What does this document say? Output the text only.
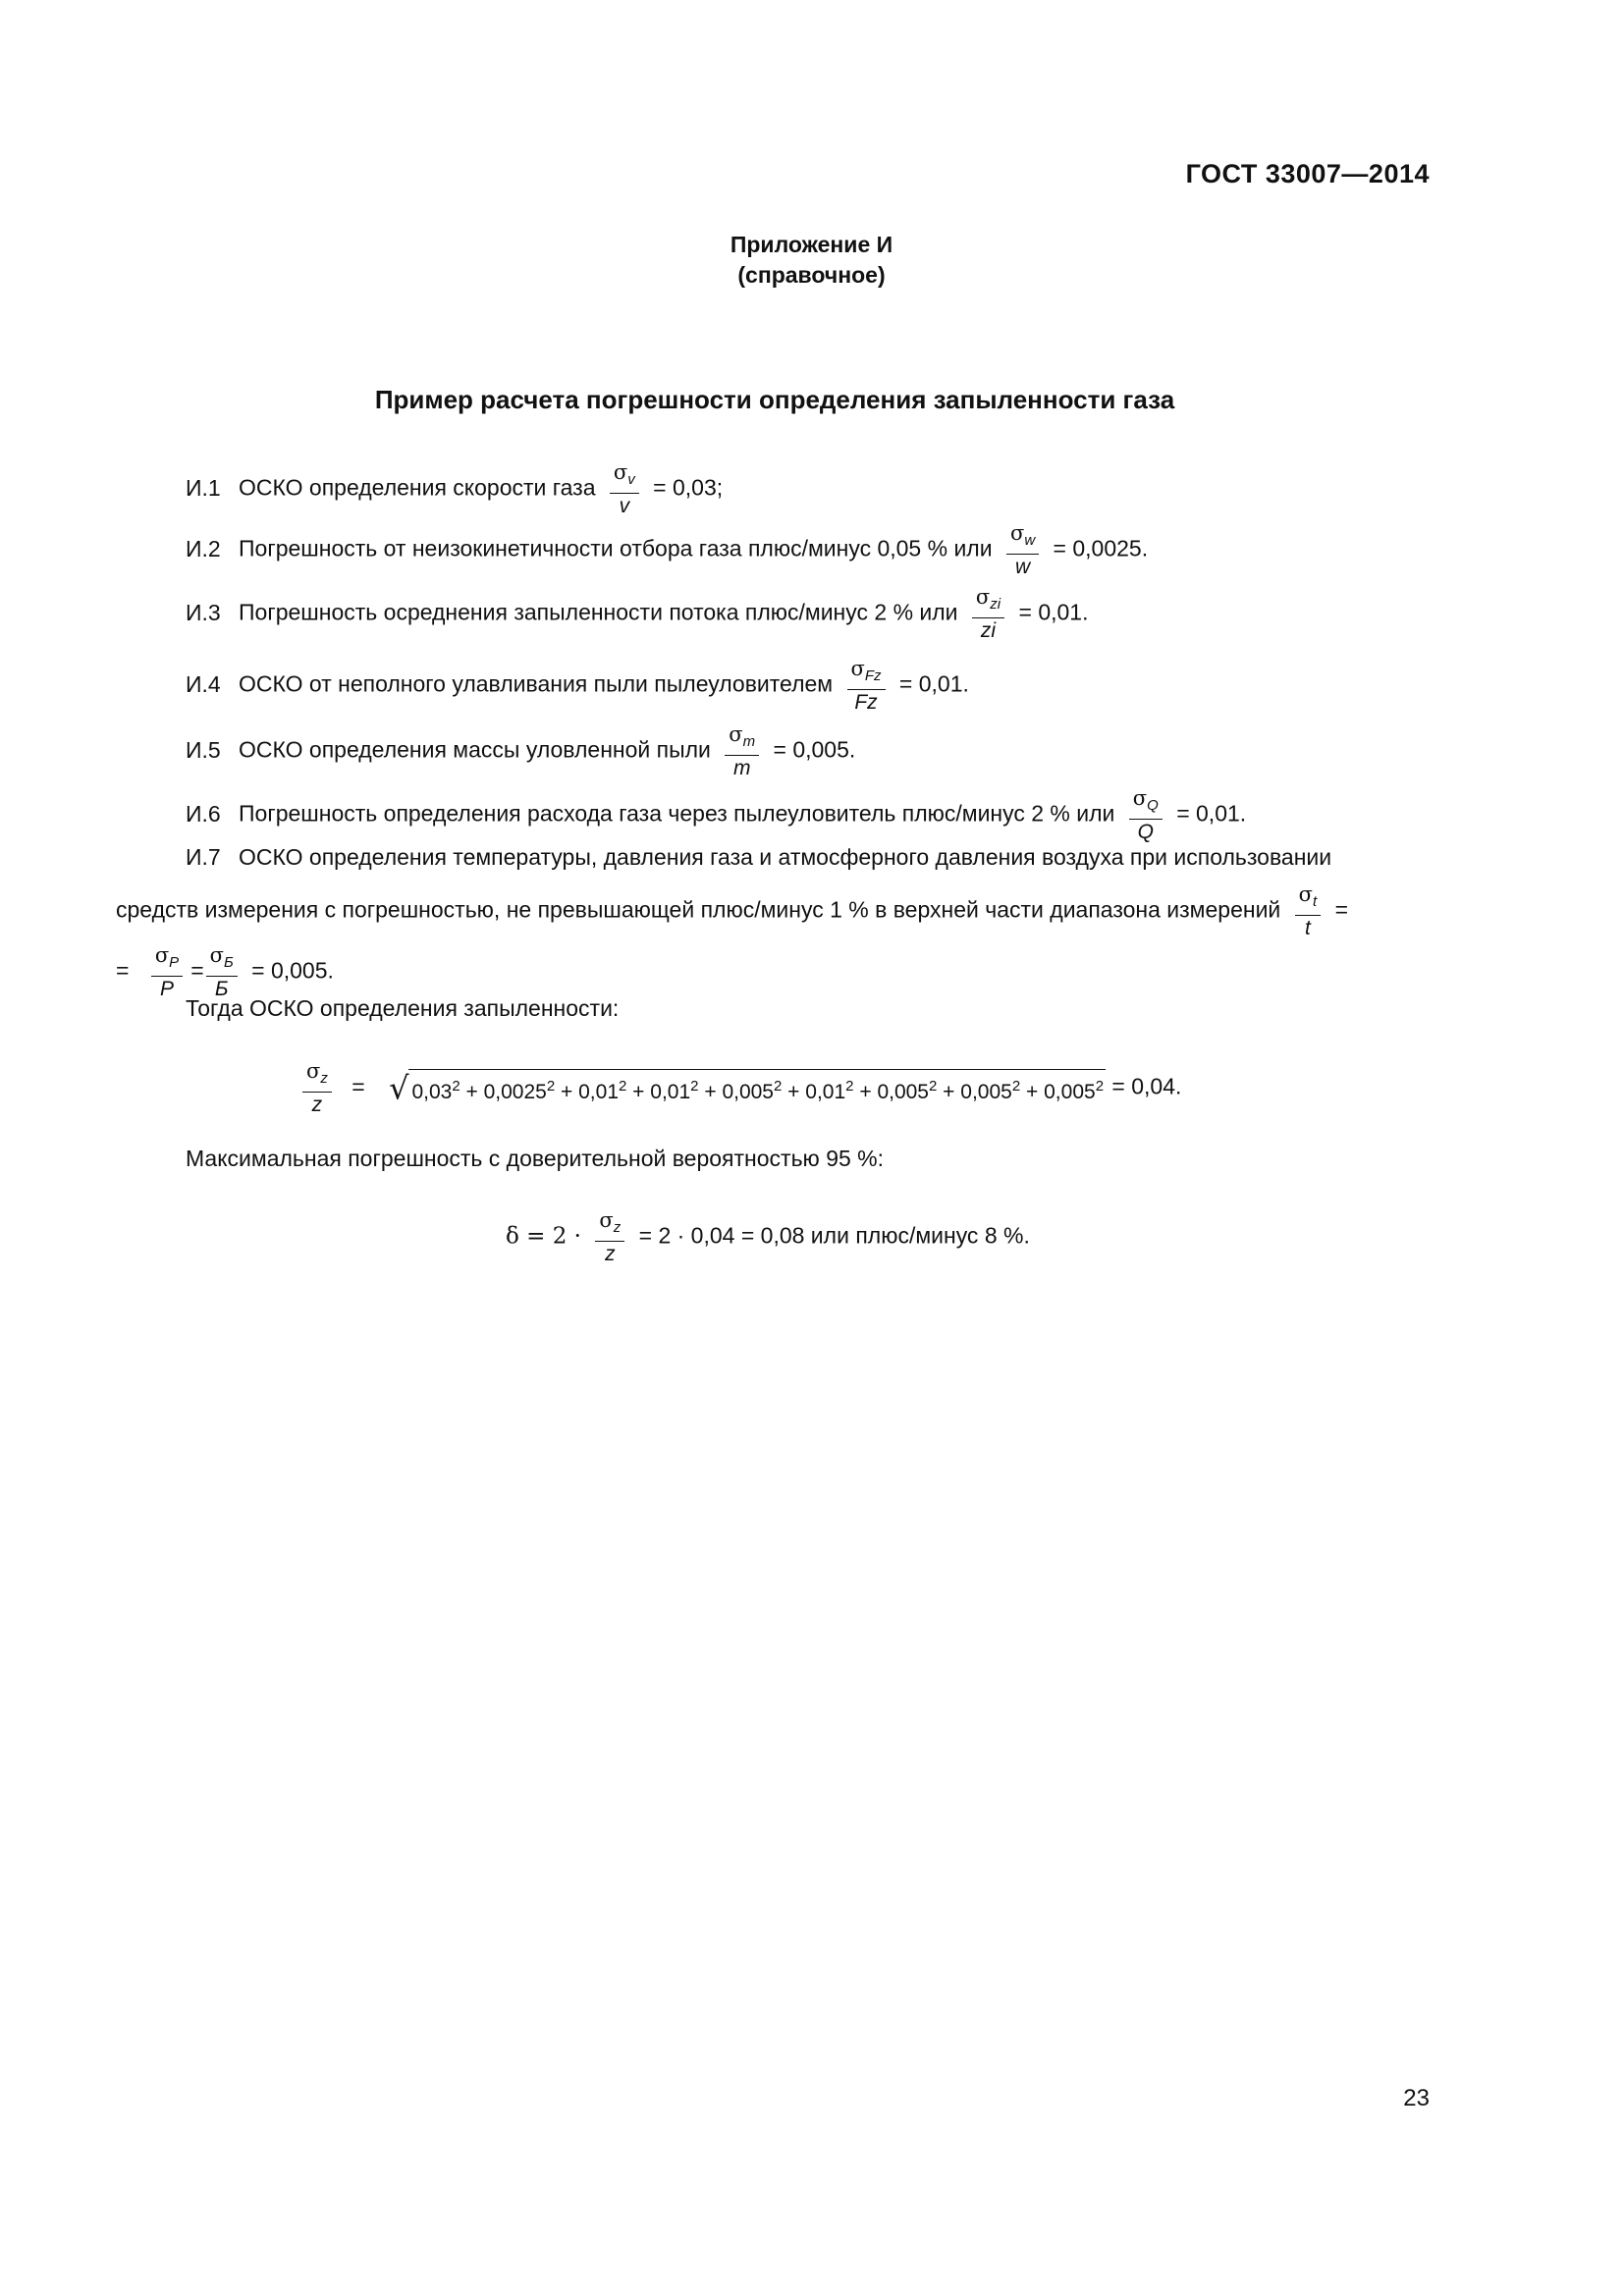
ГОСТ 33007—2014
Приложение И
(справочное)
Пример расчета погрешности определения запыленности газа
И.1 ОСКО определения скорости газа $\frac{\sigma_v}{v} = 0,03$;
И.2 Погрешность от неизокинетичности отбора газа плюс/минус 0,05 % или $\frac{\sigma_w}{w} = 0,0025$.
И.3 Погрешность осреднения запыленности потока плюс/минус 2 % или $\frac{\sigma_{zi}}{zi} = 0,01$.
И.4 ОСКО от неполного улавливания пыли пылеуловителем $\frac{\sigma_{Fz}}{Fz} = 0,01$.
И.5 ОСКО определения массы уловленной пыли $\frac{\sigma_m}{m} = 0,005$.
И.6 Погрешность определения расхода газа через пылеуловитель плюс/минус 2 % или $\frac{\sigma_Q}{Q} = 0,01$.
И.7 ОСКО определения температуры, давления газа и атмосферного давления воздуха при использовании
средств измерения с погрешностью, не превышающей плюс/минус 1 % в верхней части диапазона измерений $\frac{\sigma_t}{t}$ =
= $\frac{\sigma_P}{P} = \frac{\sigma_Б}{Б} = 0,005$.
Тогда ОСКО определения запыленности:
$\frac{\sigma_z}{z}$ = √ $0,03^2 + 0,0025^2 + 0,01^2 + 0,01^2 + 0,005^2 + 0,01^2 + 0,005^2 + 0,005^2 + 0,005^2 = 0,04$.
Максимальная погрешность с доверительной вероятностью 95 %:
$\delta = 2 \cdot \frac{\sigma_z}{z} = 2 \cdot 0,04 = 0,08$ или плюс/минус 8 %.
23
